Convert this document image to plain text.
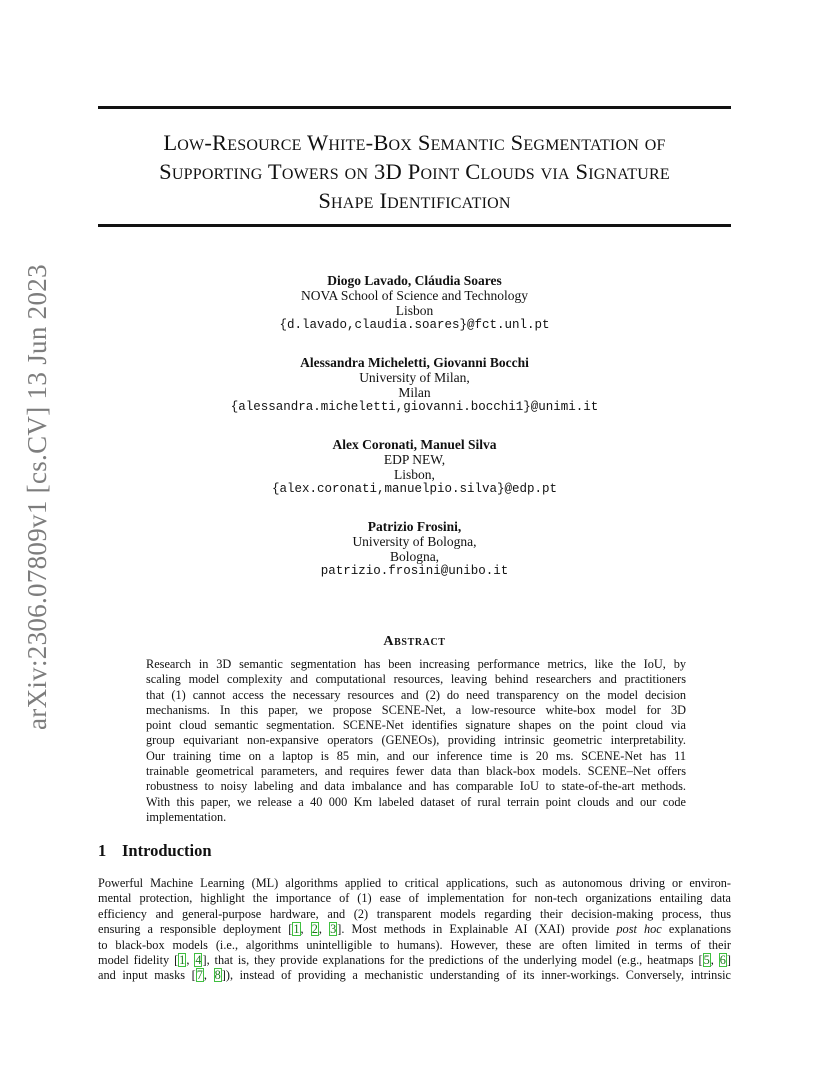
arXiv:2306.07809v1 [cs.CV] 13 Jun 2023
Low-Resource White-Box Semantic Segmentation of
Supporting Towers on 3D Point Clouds via Signature
Shape Identification
Diogo Lavado, Cláudia Soares
NOVA School of Science and Technology
Lisbon
{d.lavado,claudia.soares}@fct.unl.pt
Alessandra Micheletti, Giovanni Bocchi
University of Milan,
Milan
{alessandra.micheletti,giovanni.bocchi1}@unimi.it
Alex Coronati, Manuel Silva
EDP NEW,
Lisbon,
{alex.coronati,manuelpio.silva}@edp.pt
Patrizio Frosini,
University of Bologna,
Bologna,
patrizio.frosini@unibo.it
Abstract
Research in 3D semantic segmentation has been increasing performance metrics, like the IoU, by
scaling model complexity and computational resources, leaving behind researchers and practitioners
that (1) cannot access the necessary resources and (2) do need transparency on the model decision
mechanisms. In this paper, we propose SCENE-Net, a low-resource white-box model for 3D
point cloud semantic segmentation. SCENE-Net identifies signature shapes on the point cloud via
group equivariant non-expansive operators (GENEOs), providing intrinsic geometric interpretability.
Our training time on a laptop is 85 min, and our inference time is 20 ms. SCENE-Net has 11
trainable geometrical parameters, and requires fewer data than black-box models. SCENE–Net offers
robustness to noisy labeling and data imbalance and has comparable IoU to state-of-the-art methods.
With this paper, we release a 40 000 Km labeled dataset of rural terrain point clouds and our code
implementation.
1 Introduction
Powerful Machine Learning (ML) algorithms applied to critical applications, such as autonomous driving or environ-
mental protection, highlight the importance of (1) ease of implementation for non-tech organizations entailing data
efficiency and general-purpose hardware, and (2) transparent models regarding their decision-making process, thus
ensuring a responsible deployment [1, 2, 3]. Most methods in Explainable AI (XAI) provide post hoc explanations
to black-box models (i.e., algorithms unintelligible to humans). However, these are often limited in terms of their
model fidelity [1, 4], that is, they provide explanations for the predictions of the underlying model (e.g., heatmaps [5, 6]
and input masks [7, 8]), instead of providing a mechanistic understanding of its inner-workings. Conversely, intrinsic
